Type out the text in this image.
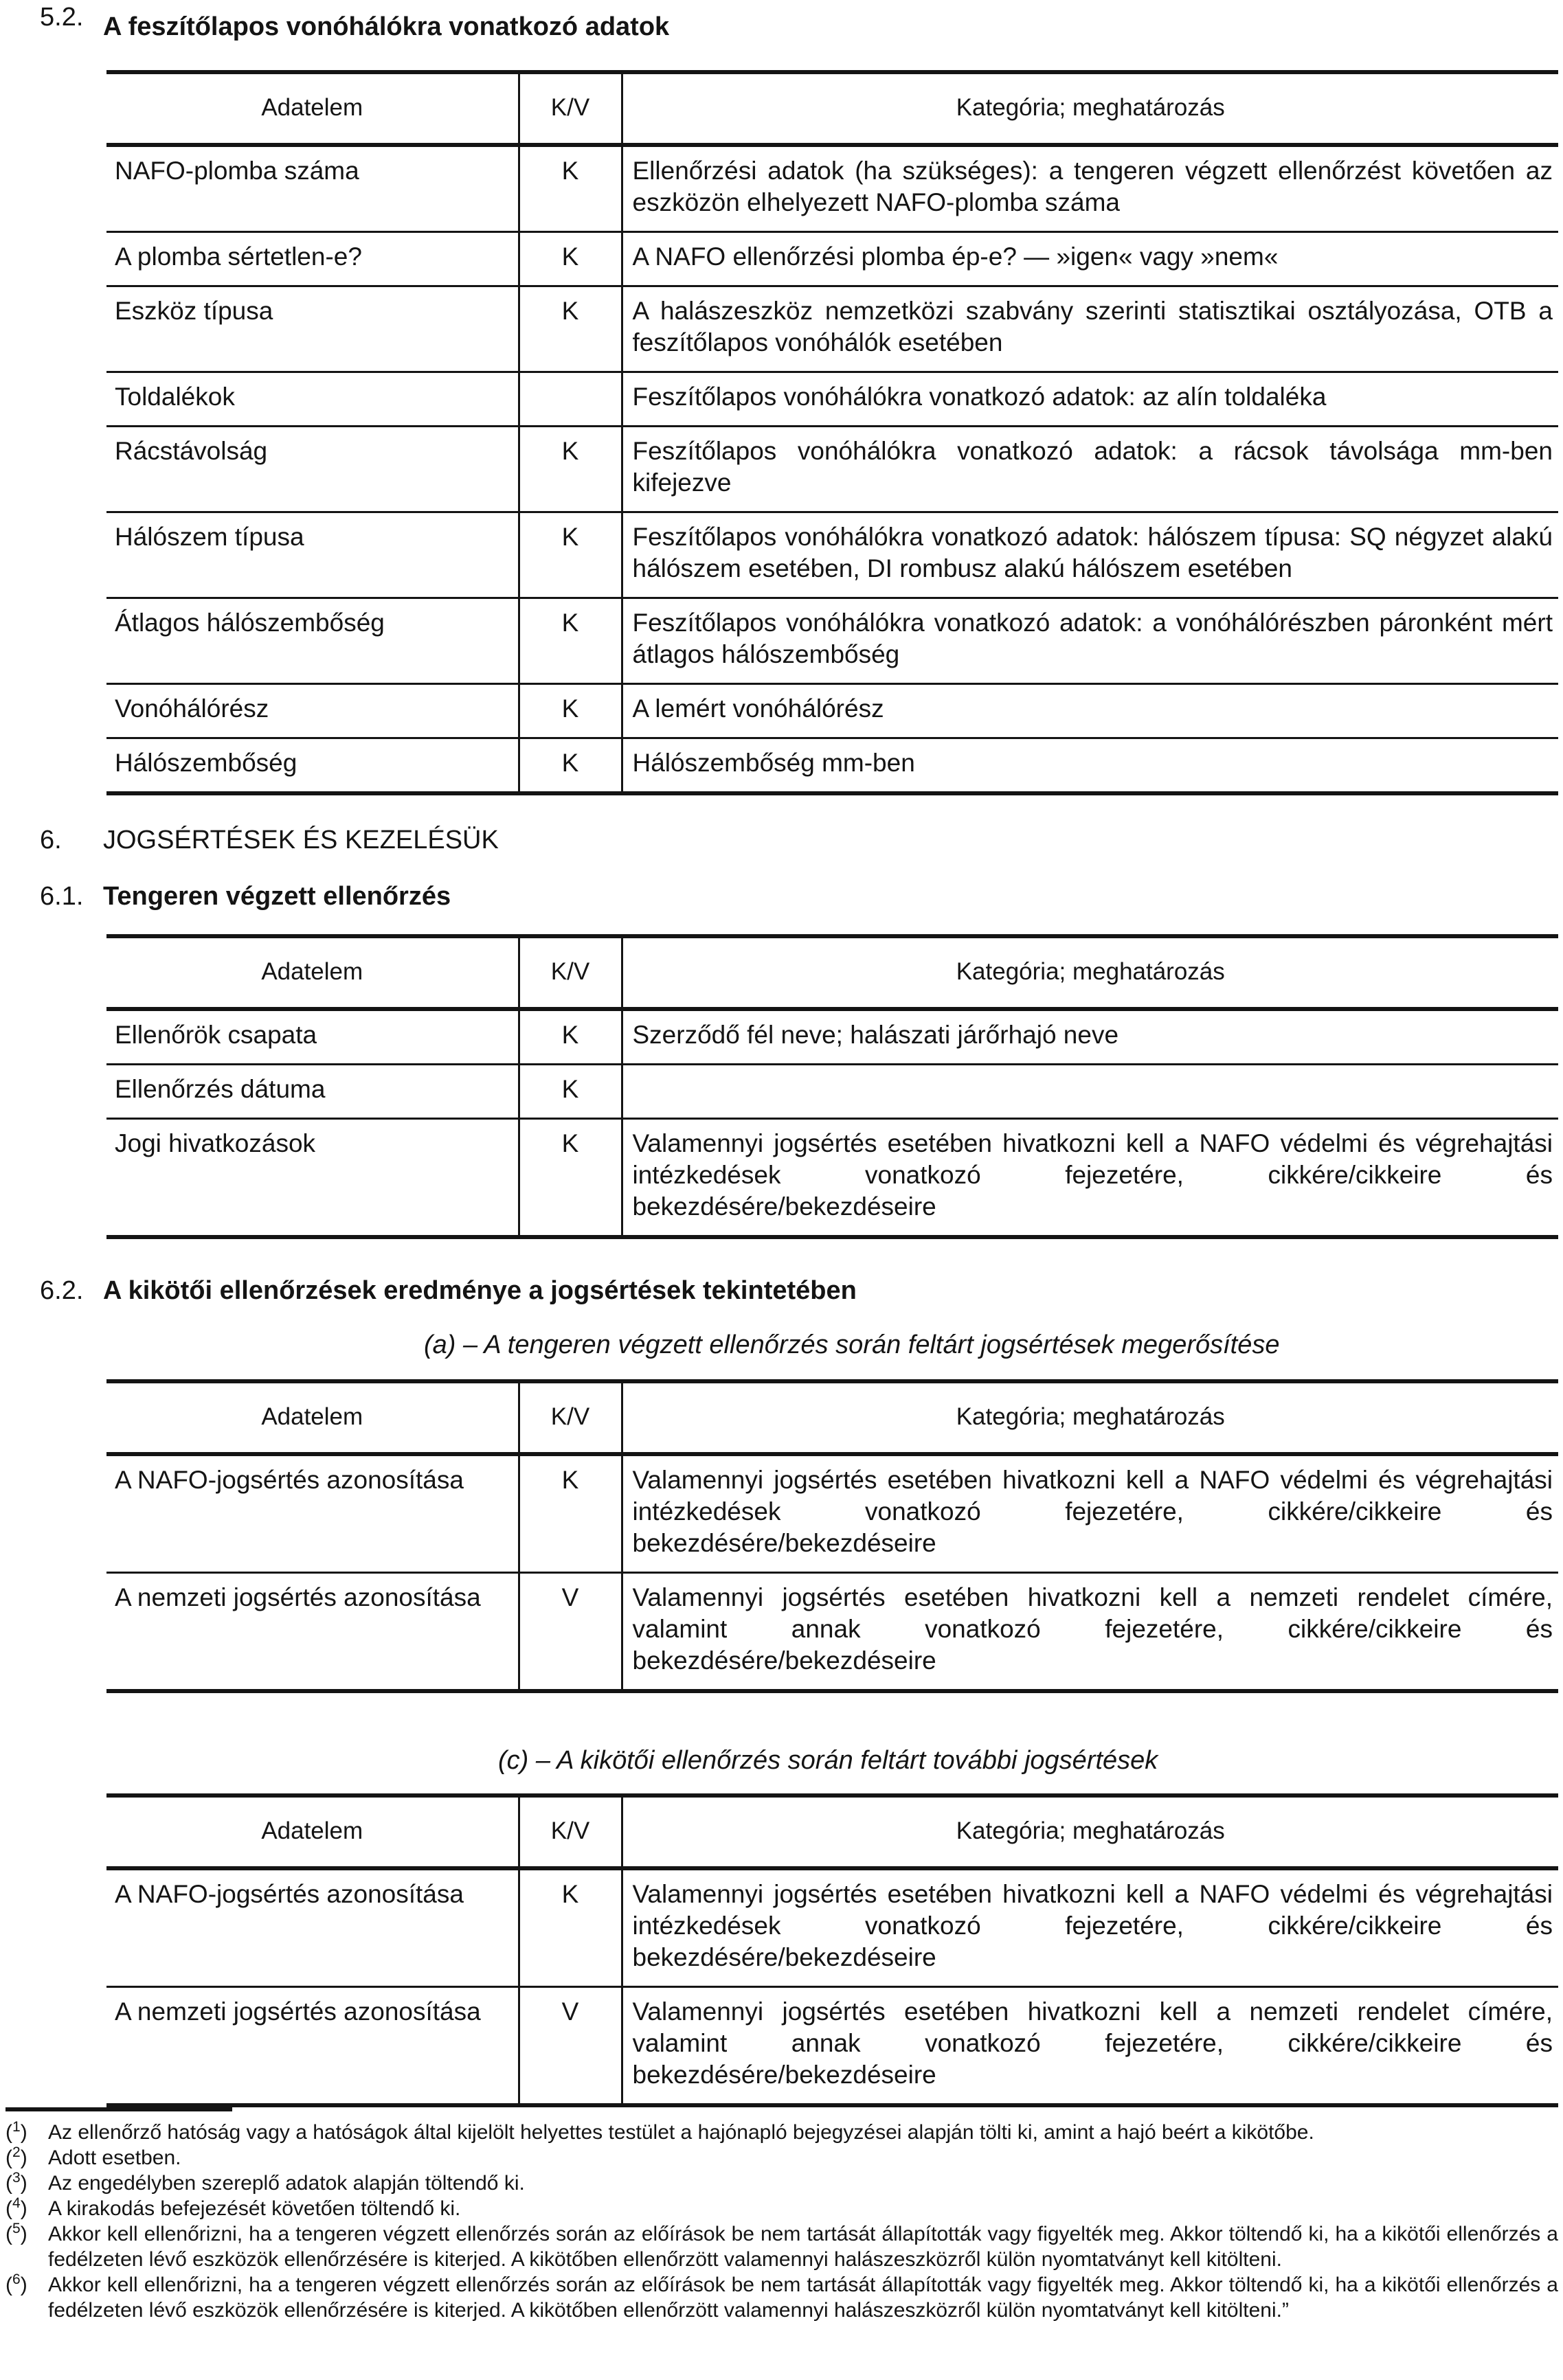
5.2. A feszítőlapos vonóhálókra vonatkozó adatok
Adatelem	K/V	Kategória; meghatározás
NAFO-plomba száma	K	Ellenőrzési adatok (ha szükséges): a tengeren végzett ellenőrzést követően az eszközön elhelyezett NAFO-plomba száma
A plomba sértetlen-e?	K	A NAFO ellenőrzési plomba ép-e? — »igen« vagy »nem«
Eszköz típusa	K	A halászeszköz nemzetközi szabvány szerinti statisztikai osztályozása, OTB a feszítőlapos vonóhálók esetében
Toldalékok		Feszítőlapos vonóhálókra vonatkozó adatok: az alín toldaléka
Rácstávolság	K	Feszítőlapos vonóhálókra vonatkozó adatok: a rácsok távolsága mm-ben kifejezve
Hálószem típusa	K	Feszítőlapos vonóhálókra vonatkozó adatok: hálószem típusa: SQ négyzet alakú hálószem esetében, DI rombusz alakú hálószem esetében
Átlagos hálószembőség	K	Feszítőlapos vonóhálókra vonatkozó adatok: a vonóhálórészben páronként mért átlagos hálószembőség
Vonóhálórész	K	A lemért vonóhálórész
Hálószembőség	K	Hálószembőség mm-ben
6. JOGSÉRTÉSEK ÉS KEZELÉSÜK
6.1. Tengeren végzett ellenőrzés
Adatelem	K/V	Kategória; meghatározás
Ellenőrök csapata	K	Szerződő fél neve; halászati járőrhajó neve
Ellenőrzés dátuma	K	
Jogi hivatkozások	K	Valamennyi jogsértés esetében hivatkozni kell a NAFO védelmi és végrehajtási intézkedések vonatkozó fejezetére, cikkére/cikkeire és bekezdésére/bekezdéseire
6.2. A kikötői ellenőrzések eredménye a jogsértések tekintetében
(a) – A tengeren végzett ellenőrzés során feltárt jogsértések megerősítése
Adatelem	K/V	Kategória; meghatározás
A NAFO-jogsértés azonosítása	K	Valamennyi jogsértés esetében hivatkozni kell a NAFO védelmi és végrehajtási intézkedések vonatkozó fejezetére, cikkére/cikkeire és bekezdésére/bekezdéseire
A nemzeti jogsértés azonosítása	V	Valamennyi jogsértés esetében hivatkozni kell a nemzeti rendelet címére, valamint annak vonatkozó fejezetére, cikkére/cikkeire és bekezdésére/bekezdéseire
(c) – A kikötői ellenőrzés során feltárt további jogsértések
Adatelem	K/V	Kategória; meghatározás
A NAFO-jogsértés azonosítása	K	Valamennyi jogsértés esetében hivatkozni kell a NAFO védelmi és végrehajtási intézkedések vonatkozó fejezetére, cikkére/cikkeire és bekezdésére/bekezdéseire
A nemzeti jogsértés azonosítása	V	Valamennyi jogsértés esetében hivatkozni kell a nemzeti rendelet címére, valamint annak vonatkozó fejezetére, cikkére/cikkeire és bekezdésére/bekezdéseire
($^1$) Az ellenőrző hatóság vagy a hatóságok által kijelölt helyettes testület a hajónapló bejegyzései alapján tölti ki, amint a hajó beért a kikötőbe.
($^2$) Adott esetben.
($^3$) Az engedélyben szereplő adatok alapján töltendő ki.
($^4$) A kirakodás befejezését követően töltendő ki.
($^5$) Akkor kell ellenőrizni, ha a tengeren végzett ellenőrzés során az előírások be nem tartását állapították vagy figyelték meg. Akkor töltendő ki, ha a kikötői ellenőrzés a fedélzeten lévő eszközök ellenőrzésére is kiterjed. A kikötőben ellenőrzött valamennyi halászeszközről külön nyomtatványt kell kitölteni.
($^6$) Akkor kell ellenőrizni, ha a tengeren végzett ellenőrzés során az előírások be nem tartását állapították vagy figyelték meg. Akkor töltendő ki, ha a kikötői ellenőrzés a fedélzeten lévő eszközök ellenőrzésére is kiterjed. A kikötőben ellenőrzött valamennyi halászeszközről külön nyomtatványt kell kitölteni.”
